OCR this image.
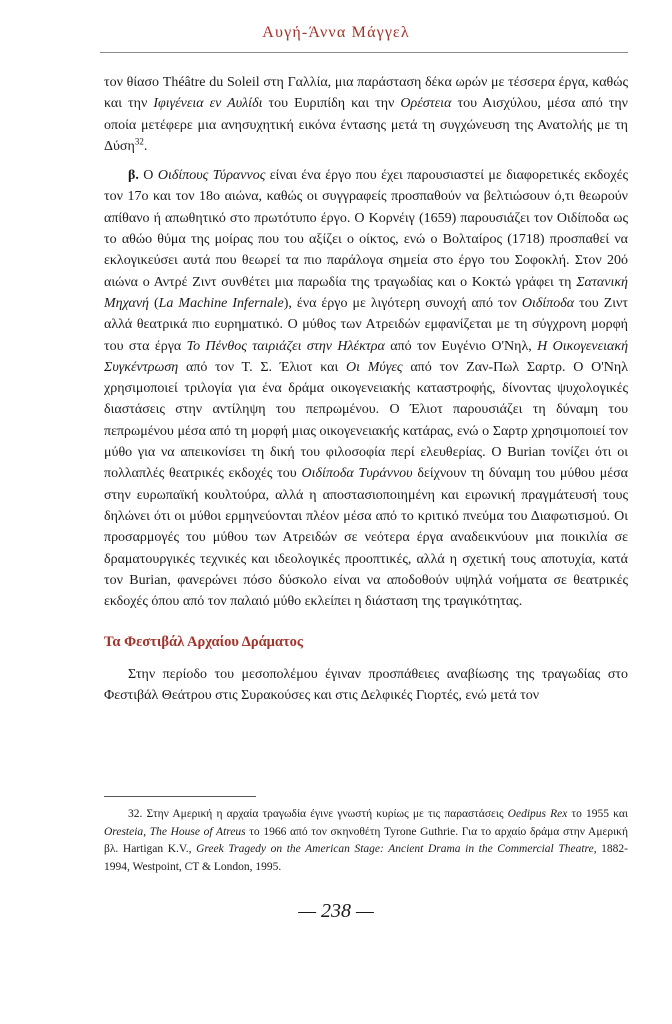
Αυγή-Άννα Μάγγελ

τον θίασο Théâtre du Soleil στη Γαλλία, μια παράσταση δέκα ωρών με τέσσερα έργα, καθώς και την Ιφιγένεια εν Αυλίδι του Ευριπίδη και την Ορέστεια του Αισχύλου, μέσα από την οποία μετέφερε μια ανησυχητική εικόνα έντασης μετά τη συγχώνευση της Ανατολής με τη Δύση$^{32}$.

β. Ο Οιδίπους Τύραννος είναι ένα έργο που έχει παρουσιαστεί με διαφορετικές εκδοχές τον 17ο και τον 18ο αιώνα, καθώς οι συγγραφείς προσπαθούν να βελτιώσουν ό,τι θεωρούν απίθανο ή απωθητικό στο πρωτότυπο έργο. Ο Κορνέιγ (1659) παρουσιάζει τον Οιδίποδα ως το αθώο θύμα της μοίρας που του αξίζει ο οίκτος, ενώ ο Βολταίρος (1718) προσπαθεί να εκλογικεύσει αυτά που θεωρεί τα πιο παράλογα σημεία στο έργο του Σοφοκλή. Στον 20ό αιώνα ο Αντρέ Ζιντ συνθέτει μια παρωδία της τραγωδίας και ο Κοκτώ γράφει τη Σατανική Μηχανή (La Machine Infernale), ένα έργο με λιγότερη συνοχή από τον Οιδίποδα του Ζιντ αλλά θεατρικά πιο ευρηματικό. Ο μύθος των Ατρειδών εμφανίζεται με τη σύγχρονη μορφή του στα έργα Το Πένθος ταιριάζει στην Ηλέκτρα από τον Ευγένιο Ο'Νηλ, Η Οικογενειακή Συγκέντρωση από τον Τ. Σ. Έλιοτ και Οι Μύγες από τον Ζαν-Πωλ Σαρτρ. Ο Ο'Νηλ χρησιμοποιεί τριλογία για ένα δράμα οικογενειακής καταστροφής, δίνοντας ψυχολογικές διαστάσεις στην αντίληψη του πεπρωμένου. Ο Έλιοτ παρουσιάζει τη δύναμη του πεπρωμένου μέσα από τη μορφή μιας οικογενειακής κατάρας, ενώ ο Σαρτρ χρησιμοποιεί τον μύθο για να απεικονίσει τη δική του φιλοσοφία περί ελευθερίας. Ο Burian τονίζει ότι οι πολλαπλές θεατρικές εκδοχές του Οιδίποδα Τυράννου δείχνουν τη δύναμη του μύθου μέσα στην ευρωπαϊκή κουλτούρα, αλλά η αποστασιοποιημένη και ειρωνική πραγμάτευσή τους δηλώνει ότι οι μύθοι ερμηνεύονται πλέον μέσα από το κριτικό πνεύμα του Διαφωτισμού. Οι προσαρμογές του μύθου των Ατρειδών σε νεότερα έργα αναδεικνύουν μια ποικιλία σε δραματουργικές τεχνικές και ιδεολογικές προοπτικές, αλλά η σχετική τους αποτυχία, κατά τον Burian, φανερώνει πόσο δύσκολο είναι να αποδοθούν υψηλά νοήματα σε θεατρικές εκδοχές όπου από τον παλαιό μύθο εκλείπει η διάσταση της τραγικότητας.

Τα Φεστιβάλ Αρχαίου Δράματος

Στην περίοδο του μεσοπολέμου έγιναν προσπάθειες αναβίωσης της τραγωδίας στο Φεστιβάλ Θεάτρου στις Συρακούσες και στις Δελφικές Γιορτές, ενώ μετά τον

32. Στην Αμερική η αρχαία τραγωδία έγινε γνωστή κυρίως με τις παραστάσεις Oedipus Rex το 1955 και Oresteia, The House of Atreus το 1966 από τον σκηνοθέτη Tyrone Guthrie. Για το αρχαίο δράμα στην Αμερική βλ. Hartigan K.V., Greek Tragedy on the American Stage: Ancient Drama in the Commercial Theatre, 1882-1994, Westpoint, CT & London, 1995.
— 238 —
